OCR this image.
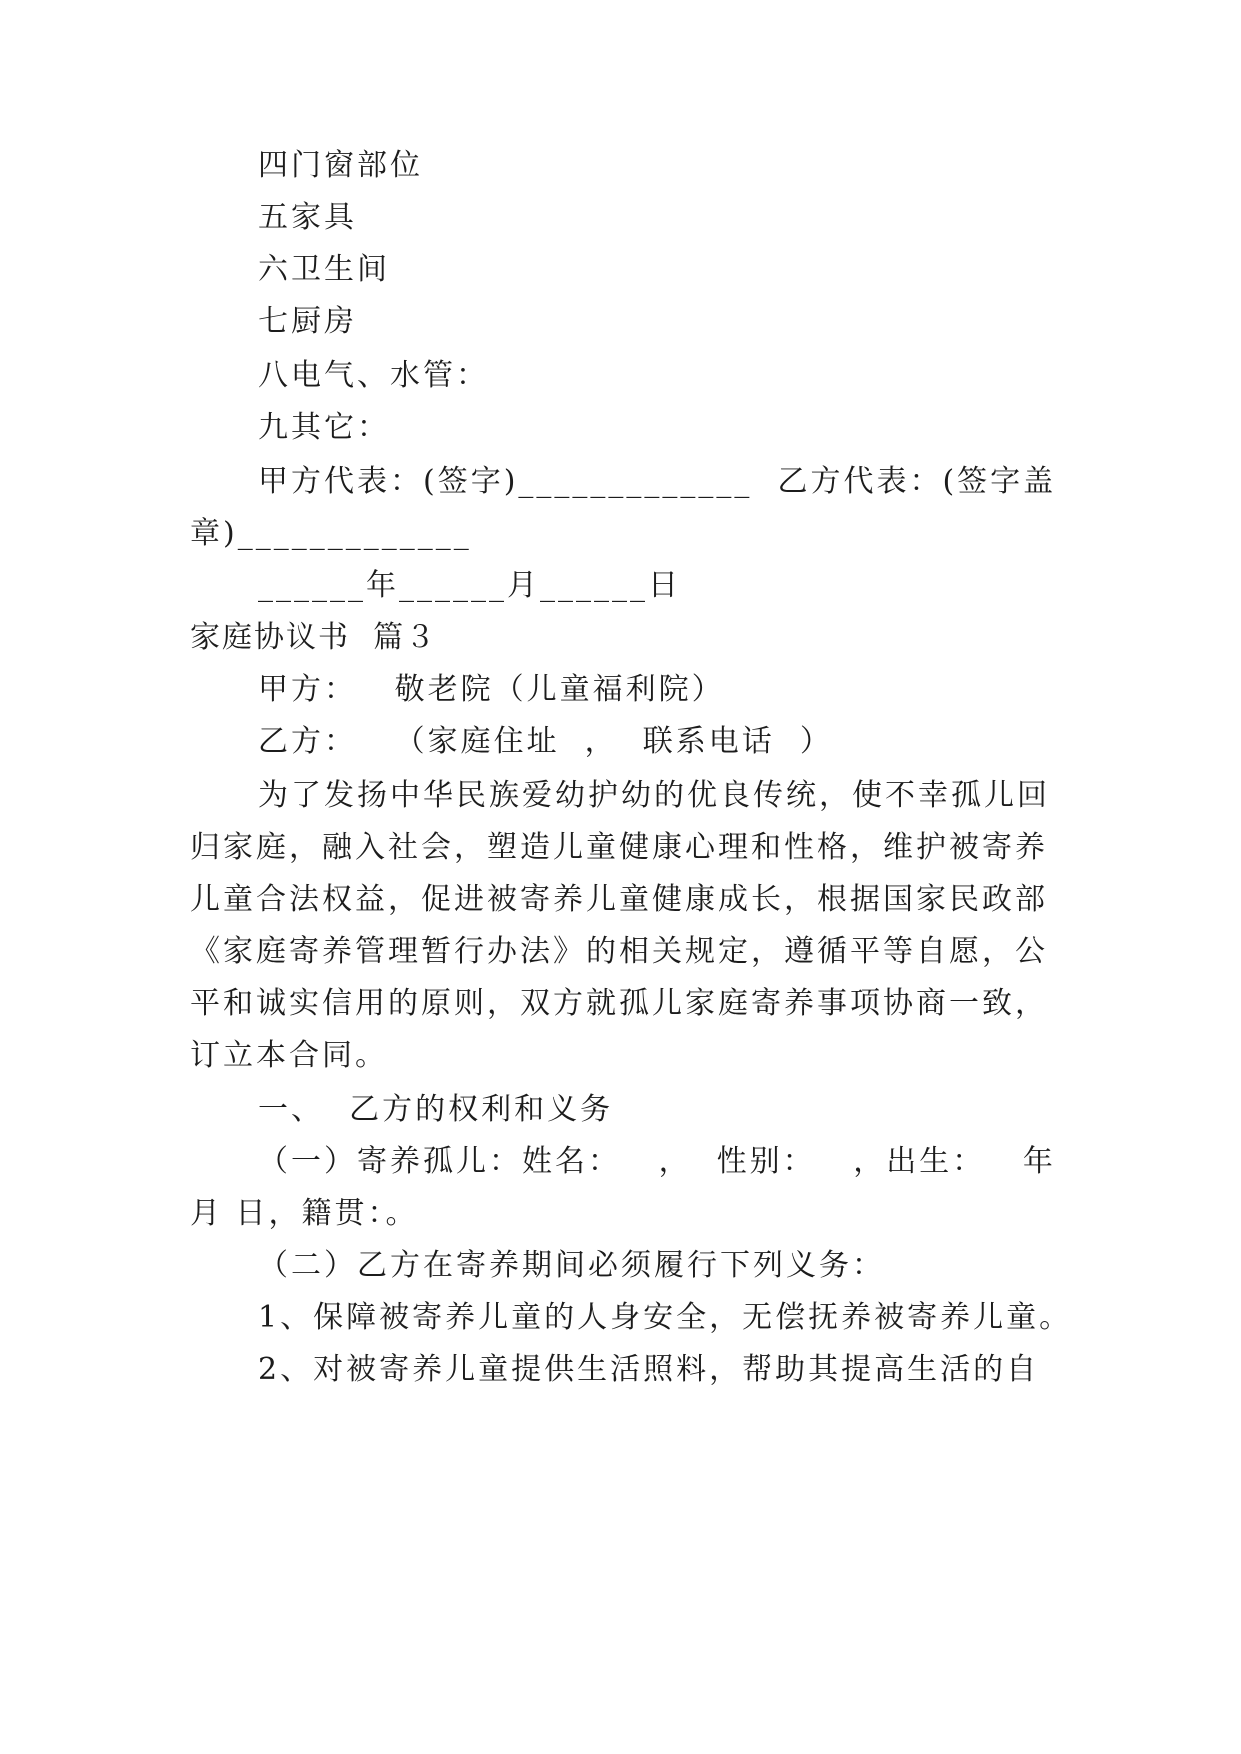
四门窗部位
五家具
六卫生间
七厨房
八电气、水管：
九其它：
甲方代表：(签字)_____________  乙方代表：(签字盖
章)_____________
______年______月______日
家庭协议书  篇３
甲方：   敬老院（儿童福利院）
乙方：   （家庭住址  ，  联系电话  ）
为了发扬中华民族爱幼护幼的优良传统，使不幸孤儿回
归家庭，融入社会，塑造儿童健康心理和性格，维护被寄养
儿童合法权益，促进被寄养儿童健康成长，根据国家民政部
《家庭寄养管理暂行办法》的相关规定，遵循平等自愿，公
平和诚实信用的原则，双方就孤儿家庭寄养事项协商一致，
订立本合同。
一、  乙方的权利和义务
（一）寄养孤儿：姓名：   ，  性别：   ，出生：   年
月 日，籍贯：。
（二）乙方在寄养期间必须履行下列义务：
1、保障被寄养儿童的人身安全，无偿抚养被寄养儿童。
2、对被寄养儿童提供生活照料，帮助其提高生活的自
